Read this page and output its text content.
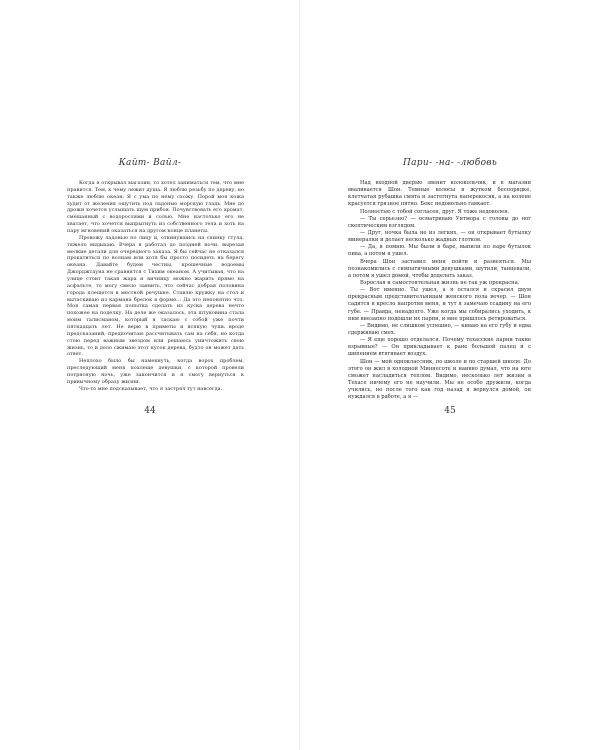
Кайт- Вайл-

Когда я открывал магазин, то хотел заниматься тем, что мне нравится. Тем, к чему лежит душа. Я люблю резьбу по дереву, но также люблю океан. Я с ума по нему схожу. Порой моя кожа зудит от желения ощутить под ладонью морскую гладь. Мне до дрожи хочется услышать шум прибоя. Почувствовать его аромат, смешанный с водорослями и солью. Мне настолько его не хватает, что хочется выпрыгнуть из собственного тела и хоть на пару мгновений оказаться на другом конце планеты.

Провожу ладонью по лицу и, откинувшись на спинку стула, тяжело выдыхаю. Вчера я работал до поздней ночи, вырезая мелкие детали для очередного заказа. Я бы сейчас не отказался прокатиться по волнам или хотя бы просто посидеть на берегу океана. Давайте будем честны, крошечные водоемы Джорджтауна не сравнятся с Тихим океаном. А учитывая, что на улице стоит такая жара и яичницу можно жарить прямо на асфальте, то могу смело заявить, что сейчас добрая половина города плещется в местной речушке. Ставлю кружку на стол и вытаскиваю из кармана брелок в форме… Да это непонятно что. Моя самая первая попытка сделать из куска дерева нечто похожее на поделку. На деле же оказалось, эта штуковина стала моим талисманом, который я таскаю с собой уже почти пятнадцать лет. Не верю в приметы и всякую чушь вроде предсказаний, предпочитаю рассчитывать сам на себя, но когда стою перед важным звездом или решаюсь уничтожить свою жизнь, то и дело сжимаю этот кусок дерева, будто он может дать ответ.

Неплохо было бы намекнуть, когда ворох проблем, преследующий меня похлеще девушки, с которой провели потрясную ночь, уже закончится и я смогу вернуться к привычному образу жизни.

Что-то мне подсказывает, что я застрял тут навсегда.

44
Пари- -на- -любовь

Над входной дверью звенит колокольчик, и в магазин вваливается Шон. Темные волосы в жутком беспорядке, клетчатая рубашка смята и застегнута наперекосяк, а на колене красуется грязное пятно. Бекс недовольно гавкает.

Полностью с тобой согласен, друг. Я тоже недоволен.

— Ты серьезно? — осматриваю Уитмора с головы до ног скептическим взглядом.

— Друг, ночка была не из легких, — он открывает бутылку минералки и делает несколько жадных глотков.

— Да, я помню. Мы были в баре, выпили по паре бутылок пива, а потом я ушел.

Вчера Шон заставил меня пойти и развеяться. Мы познакомились с симпатичными девушками, шутили, танцевали, а потом я ушел домой, чтобы доделать заказ.

Взрослая и самостоятельная жизнь не так уж прекрасна.

— Вот именно. Ты ушел, а я остался и скрасил двум прекрасным представительницам женского пола вечер. — Шон садится в кресло напротив меня, и тут я замечаю ссадину на его губе. — Правда, ненадолго. Уже когда мы собирались уходить, к ним внезапно подошли их парни, и мне пришлось ретироваться.

— Видимо, не слишком успешно, — киваю на его губу и едва сдерживаю смех.

— Я еще хорошо отделался. Почему техасские парни такие взрывные? — Он прикладывает к ране большой палец и с шипением втягивает воздух.

Шон — мой одноклассник, по школе и по старшей школе. До этого он жил в холодной Миннесоте и наивно думал, что на юге сможет насладиться теплом. Видимо, несколько лет жизни в Техасе ничему его не научили. Мы не особо дружили, когда учились, но после того как год назад я вернулся домой, он нуждался в работе, а я —

45
